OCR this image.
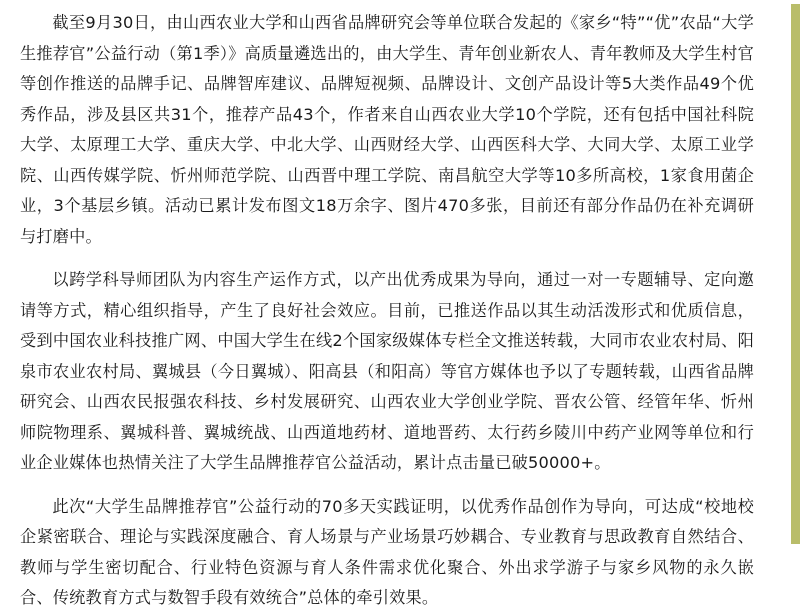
截至9月30日，由山西农业大学和山西省品牌研究会等单位联合发起的《家乡“特”“优”农品“大学生推荐官”公益行动（第1季）》高质量遴选出的，由大学生、青年创业新农人、青年教师及大学生村官等创作推送的品牌手记、品牌智库建议、品牌短视频、品牌设计、文创产品设计等5大类作品49个优秀作品，涉及县区共31个，推荐产品43个，作者来自山西农业大学10个学院，还有包括中国社科院大学、太原理工大学、重庆大学、中北大学、山西财经大学、山西医科大学、大同大学、太原工业学院、山西传媒学院、忻州师范学院、山西晋中理工学院、南昌航空大学等10多所高校，1家食用菌企业，3个基层乡镇。活动已累计发布图文18万余字、图片470多张，目前还有部分作品仍在补充调研与打磨中。

以跨学科导师团队为内容生产运作方式，以产出优秀成果为导向，通过一对一专题辅导、定向邀请等方式，精心组织指导，产生了良好社会效应。目前，已推送作品以其生动活泼形式和优质信息，受到中国农业科技推广网、中国大学生在线2个国家级媒体专栏全文推送转载，大同市农业农村局、阳泉市农业农村局、翼城县（今日翼城）、阳高县（和阳高）等官方媒体也予以了专题转载，山西省品牌研究会、山西农民报强农科技、乡村发展研究、山西农业大学创业学院、晋农公管、经管年华、忻州师院物理系、翼城科普、翼城统战、山西道地药材、道地晋药、太行药乡陵川中药产业网等单位和行业企业媒体也热情关注了大学生品牌推荐官公益活动，累计点击量已破50000+。

此次“大学生品牌推荐官”公益行动的70多天实践证明，以优秀作品创作为导向，可达成“校地校企紧密联合、理论与实践深度融合、育人场景与产业场景巧妙耦合、专业教育与思政教育自然结合、教师与学生密切配合、行业特色资源与育人条件需求优化聚合、外出求学游子与家乡风物的永久嵌合、传统教育方式与数智手段有效统合”总体的牵引效果。
